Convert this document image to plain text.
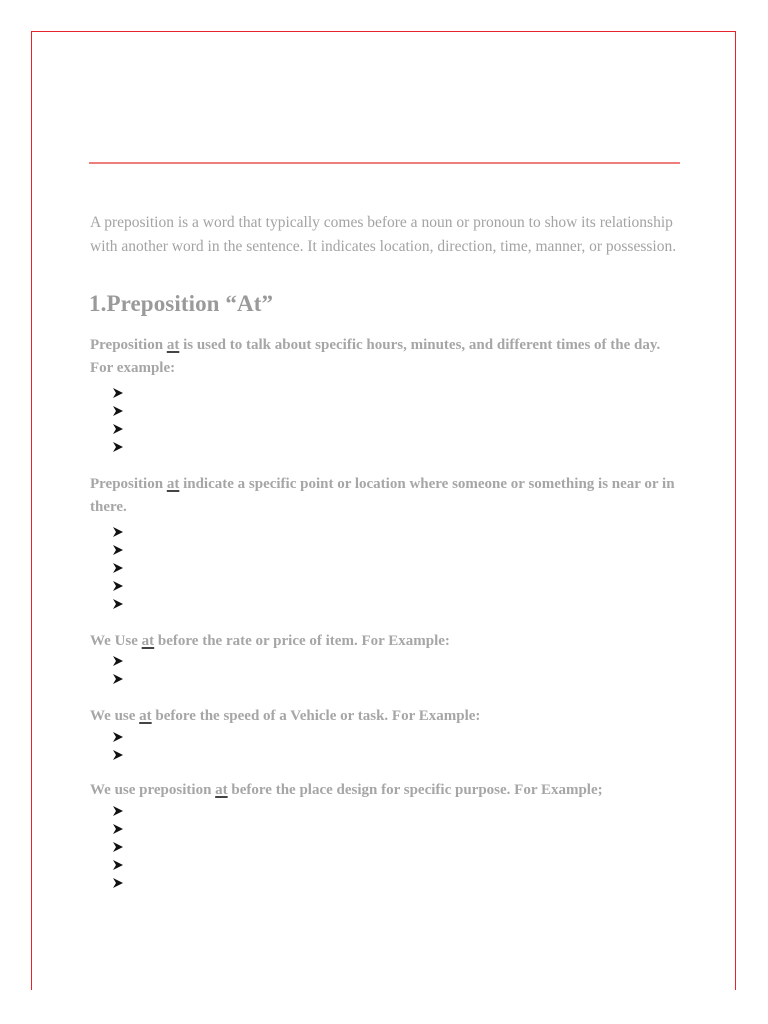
A preposition is a word that typically comes before a noun or pronoun to show its relationship with another word in the sentence. It indicates location, direction, time, manner, or possession.

1.Preposition “At”

Preposition at is used to talk about specific hours, minutes, and different times of the day. For example:

Preposition at indicate a specific point or location where someone or something is near or in there.

We Use at before the rate or price of item. For Example:

We use at before the speed of a Vehicle or task. For Example:

We use preposition at before the place design for specific purpose. For Example;
